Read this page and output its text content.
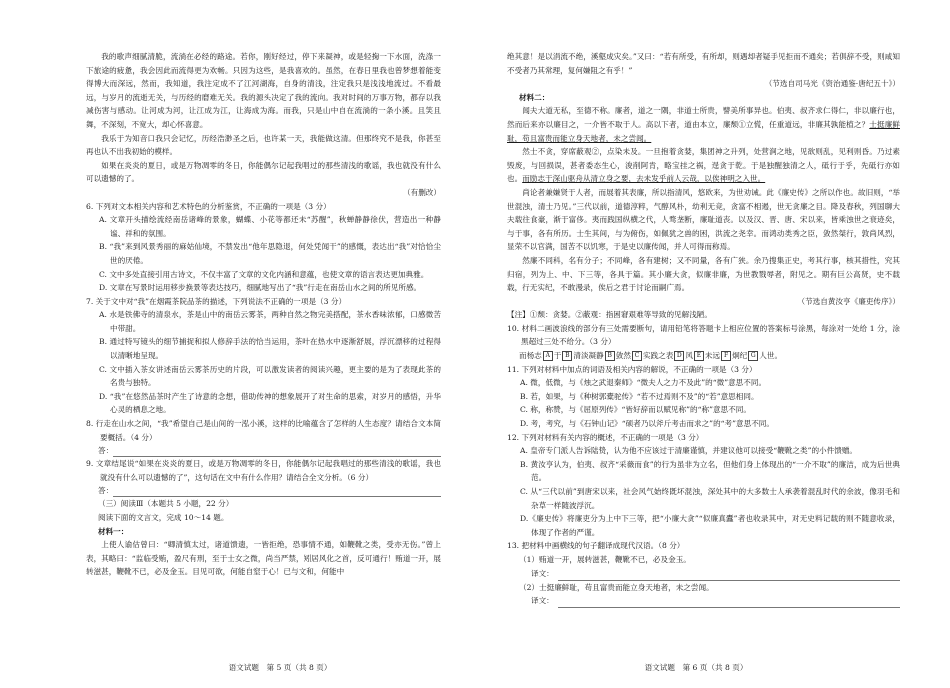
我的歌声细腻清脆，流淌在必经的路途。若你，刚好经过，停下来凝神，或是轻掬一下水面，洗涤一下旅途的疲惫，我会因此而流得更为欢畅。只因为这些，是我喜欢的。虽然，在春日里我也曾梦想着能变得博大而深远，然而，我知道，我注定成不了江河湖海，自身的清浅，注定我只是浅浅地流过。不看最远，与岁月的流逝无关，与历经的磨难无关。我的源头决定了我的流向。我对时间的万事万物，都存以我减伤害与感动。让河成为河，让江成为江，让海成为海。而我，只是山中自在流淌的一条小溪。且笑且舞，不深刻，不宽大，却心怀喜意。

我乐于为知音口我只会记忆，历经浩渺圣之后，也许某一天，我能做这清。但那终究不是我，你甚至再也认不出我初始的模样。

如果在炎炎的夏日，或是万物凋零的冬日，你能偶尔记起我唱过的那些清浅的歌谣，我也就没有什么可以遗憾的了。

（有删改）

6. 下列对文本相关内容和艺术特色的分析鉴赏，不正确的一项是（3 分）

A. 文章开头描绘流经南岳诸峰的景象，蝴蝶、小花等都还未“苏醒”，秋蝉静静徐伏，营造出一种静谧、祥和的氛围。

B. “我”来到风景秀丽的麻姑仙境，不禁发出“他年思隐退，何处凭闻干”的感慨，表达出“我”对恰恰尘世的厌倦。

C. 文中多处直接引用古诗文，不仅丰富了文章的文化内涵和意蕴，也使文章的语言表达更加典雅。

D. 文章在写景时运用移步换景等表达技巧，细腻地写出了“我”行走在南岳山水之间的所见所感。

7. 关于文中对“我”在烟霞茶院品茶的描述，下列说法不正确的一项是（3 分）

A. 水是铁佛寺的清泉水，茶是山中的南岳云雾茶，两种自然之物完美搭配，茶水香味浓郁，口感微苦中带甜。

B. 通过特写镜头的细节捕捉和拟人修辞手法的恰当运用，茶叶在热水中逐渐舒展，浮沉漂移的过程得以清晰地呈现。

C. 文中插入茶女讲述南岳云雾茶历史的片段，可以激发读者的阅读兴趣，更主要的是为了表现此茶的名贵与独特。

D. “我”在悠然品茶时产生了诗意的念想，借助传神的想象展开了对生命的思索，对岁月的感悟，升华心灵的栖息之地。

8. 行走在山水之间，“我”希望自己是山间的一泓小溪，这样的比喻蕴含了怎样的人生态度？请结合文本简要概括。（4 分）

答：

9. 文章结尾说“如果在炎炎的夏日，或是万物凋零的冬日，你能偶尔记起我唱过的那些清浅的歌谣，我也就没有什么可以遗憾的了”，这句话在文中有什么作用？请结合全文分析。（6 分）

答：

（三）阅读Ⅲ（本题共 5 小题，22 分）

阅读下面的文言文，完成 10～14 题。

材料一：

上使人谕估曾曰：“卿清慎太过，诸道馈遗，一皆拒绝，恐事情不通，如鞭靴之类，受亦无伤。”曾上表，其略曰：“监临受贿，盈尺有刑，至于士女之微，尚当严禁，矧居风化之首，反可通行！贿道一开，展转滋甚，鞭靴不已，必及金玉。目见可欲，何能自窒于心！已与文和，何能中

绝其意！是以涓流不绝，溪壑成灾矣。”又曰：“若有所受，有所却，则遇却者疑手见拒而不通矣；若俱辞不受，则咸知不受者乃其常理，复何嫌阻之有乎！”

（节选自司马光《资治通鉴·唐纪五十》）

材料二：

闻夫大道无私，至德不称。廉者，道之一隅，非道士所贵，譬美所事异也。伯夷、叔齐求仁得仁，非以廉行也，然而后来亦以廉目之，一介皆不取于人。高以下者，道由本立，廉颓①立慌，任重道远，非廉其孰能植之？士挺廉鲜耻，苟且富贵而能立身天地者，未之尝闻。

然士不贪，穿席蔽观②，点染未及。一旦抱着贪婪，集团神之升列，处营涧之地，见欲则乱，见利则昏。乃过素毁废，与回损误，甚者委态生心，浚削阿肯，略宝挂之祸，逞贪于乾。于是独醒独清之人，砥行于乎，先砥行亦如也。而励志于深山驱舟从清立身之要，去未发乎前人云哉，以俟神明之入世。

尚论者兼嫌贤于人者，而展着其表廉，所以指清风，悠欧来，为世劝诫。此《廉史传》之所以作也。故旧则，“举世混浊，清士乃见。”三代以前，道德淳粹，气醇风朴，幼利无竞，贪富不相遏，世无贪廉之目。降及春秋，列国聊大夫载往食豪，渐于富侈。夷而践国纵横之代，人骛垄断，廉耻道丧。以及汉、晋、唐、宋以来，皆乘浊世之衰迹矣，与于事，各有所历。士生其间，与为俯伤，如佩犹之兽的困，洪流之尧幸。而鸿动类秀之臣，敛然桀行，敦尚风烈，显荣不以官满，国苦不以饥寒，于是史以廉传闻，并人可得而称焉。

然廉不同科，名有分子；不同峰，各有建树；又不同量，各有广狭。余乃搜集正史，考其行事，核其措性，究其归宿，列为上、中、下三等，各具于篇。其小廉大贪，似廉非廉，为世教戮辱者，附见之。期有巨公高贤，史不载载，行无实纪，不敢漫录，俟后之君于讨论而嗣广焉。

（节选自黄汝亨《廉吏传序》）

【注】①颓：贪婪。②蔽观：指困窘艰难等导致的见解浅陋。

10. 材料二画波浪线的部分有三处需要断句，请用铅笔将答题卡上相应位置的答案标号涂黑，每涂对一处给 1 分，涂黑超过三处不给分。（3 分）

而杨志 A 于 B 清淡凝静 B 敛然 C 实践之表 D 风 E 未远 F 炯纪 G 人世。

11. 下列对材料中加点的词语及相关内容的解说，不正确的一项是（3 分）

A. 微，低微，与《烛之武退秦师》“微夫人之力不及此”的“微”意思不同。

B. 若，如果，与《种树郭橐驼传》“若不过焉则不及”的“若”意思相同。

C. 称，称赞，与《屈原列传》“皆好辞而以赋见称”的“称”意思不同。

D. 考，考究，与《石钟山记》“硕者乃以斧斤考击而求之”的“考”意思不同。

12. 下列对材料有关内容的概述，不正确的一项是（3 分）

A. 皇帝专门派人告诉陆贽，认为他不应该过于清廉谨慎，并建议他可以接受“鞭靴之类”的小件馈赠。

B. 黄汝亨认为，伯夷、叔齐“采薇而食”的行为虽非为立名，但他们身上体现出的“一介不取”的廉洁，成为后世典范。

C. 从“三代以前”到唐宋以来，社会风气始终既坏混浊，深处其中的大多数士人承袭着混乱时代的余波，像羽毛和杂草一样随波浮沉。

D.《廉史传》将廉吏分为上中下三等，把“小廉大贪”“似廉真蠹”者也收录其中，对无史料记载的则不随意收录，体现了作者的严谨。

13. 把材料中画横线的句子翻译成现代汉语。（8 分）

（1）贿道一开，展转滋甚，鞭靴不已，必及金玉。

译文：

（2）士挺廉鲜耻，苟且富贵而能立身天地者，未之尝闻。

译文：
语文试题　第 5 页（共 8 页）	语文试题　第 6 页（共 8 页）
